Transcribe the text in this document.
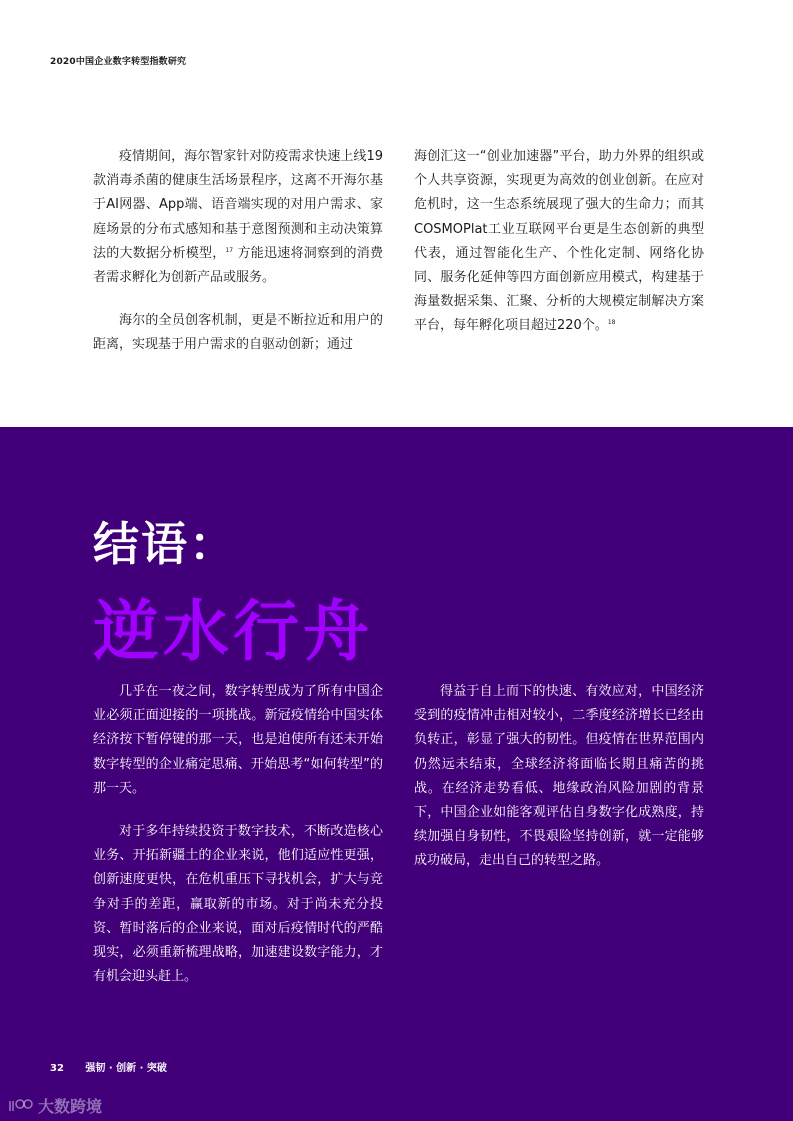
2020中国企业数字转型指数研究

疫情期间，海尔智家针对防疫需求快速上线19款消毒杀菌的健康生活场景程序，这离不开海尔基于AI网器、App端、语音端实现的对用户需求、家庭场景的分布式感知和基于意图预测和主动决策算法的大数据分析模型，$^{17}$ 方能迅速将洞察到的消费者需求孵化为创新产品或服务。

海尔的全员创客机制，更是不断拉近和用户的距离，实现基于用户需求的自驱动创新；通过

海创汇这一“创业加速器”平台，助力外界的组织或个人共享资源，实现更为高效的创业创新。在应对危机时，这一生态系统展现了强大的生命力；而其COSMOPlat工业互联网平台更是生态创新的典型代表，通过智能化生产、个性化定制、网络化协同、服务化延伸等四方面创新应用模式，构建基于海量数据采集、汇聚、分析的大规模定制解决方案平台，每年孵化项目超过220个。$^{18}$

结语：
逆水行舟

几乎在一夜之间，数字转型成为了所有中国企业必须正面迎接的一项挑战。新冠疫情给中国实体经济按下暂停键的那一天，也是迫使所有还未开始数字转型的企业痛定思痛、开始思考“如何转型”的那一天。

对于多年持续投资于数字技术，不断改造核心业务、开拓新疆土的企业来说，他们适应性更强，创新速度更快，在危机重压下寻找机会，扩大与竞争对手的差距，赢取新的市场。对于尚未充分投资、暂时落后的企业来说，面对后疫情时代的严酷现实，必须重新梳理战略，加速建设数字能力，才有机会迎头赶上。

得益于自上而下的快速、有效应对，中国经济受到的疫情冲击相对较小，二季度经济增长已经由负转正，彰显了强大的韧性。但疫情在世界范围内仍然远未结束，全球经济将面临长期且痛苦的挑战。在经济走势看低、地缘政治风险加剧的背景下，中国企业如能客观评估自身数字化成熟度，持续加强自身韧性，不畏艰险坚持创新，就一定能够成功破局，走出自己的转型之路。

32 强韧 · 创新 · 突破
大数跨境
